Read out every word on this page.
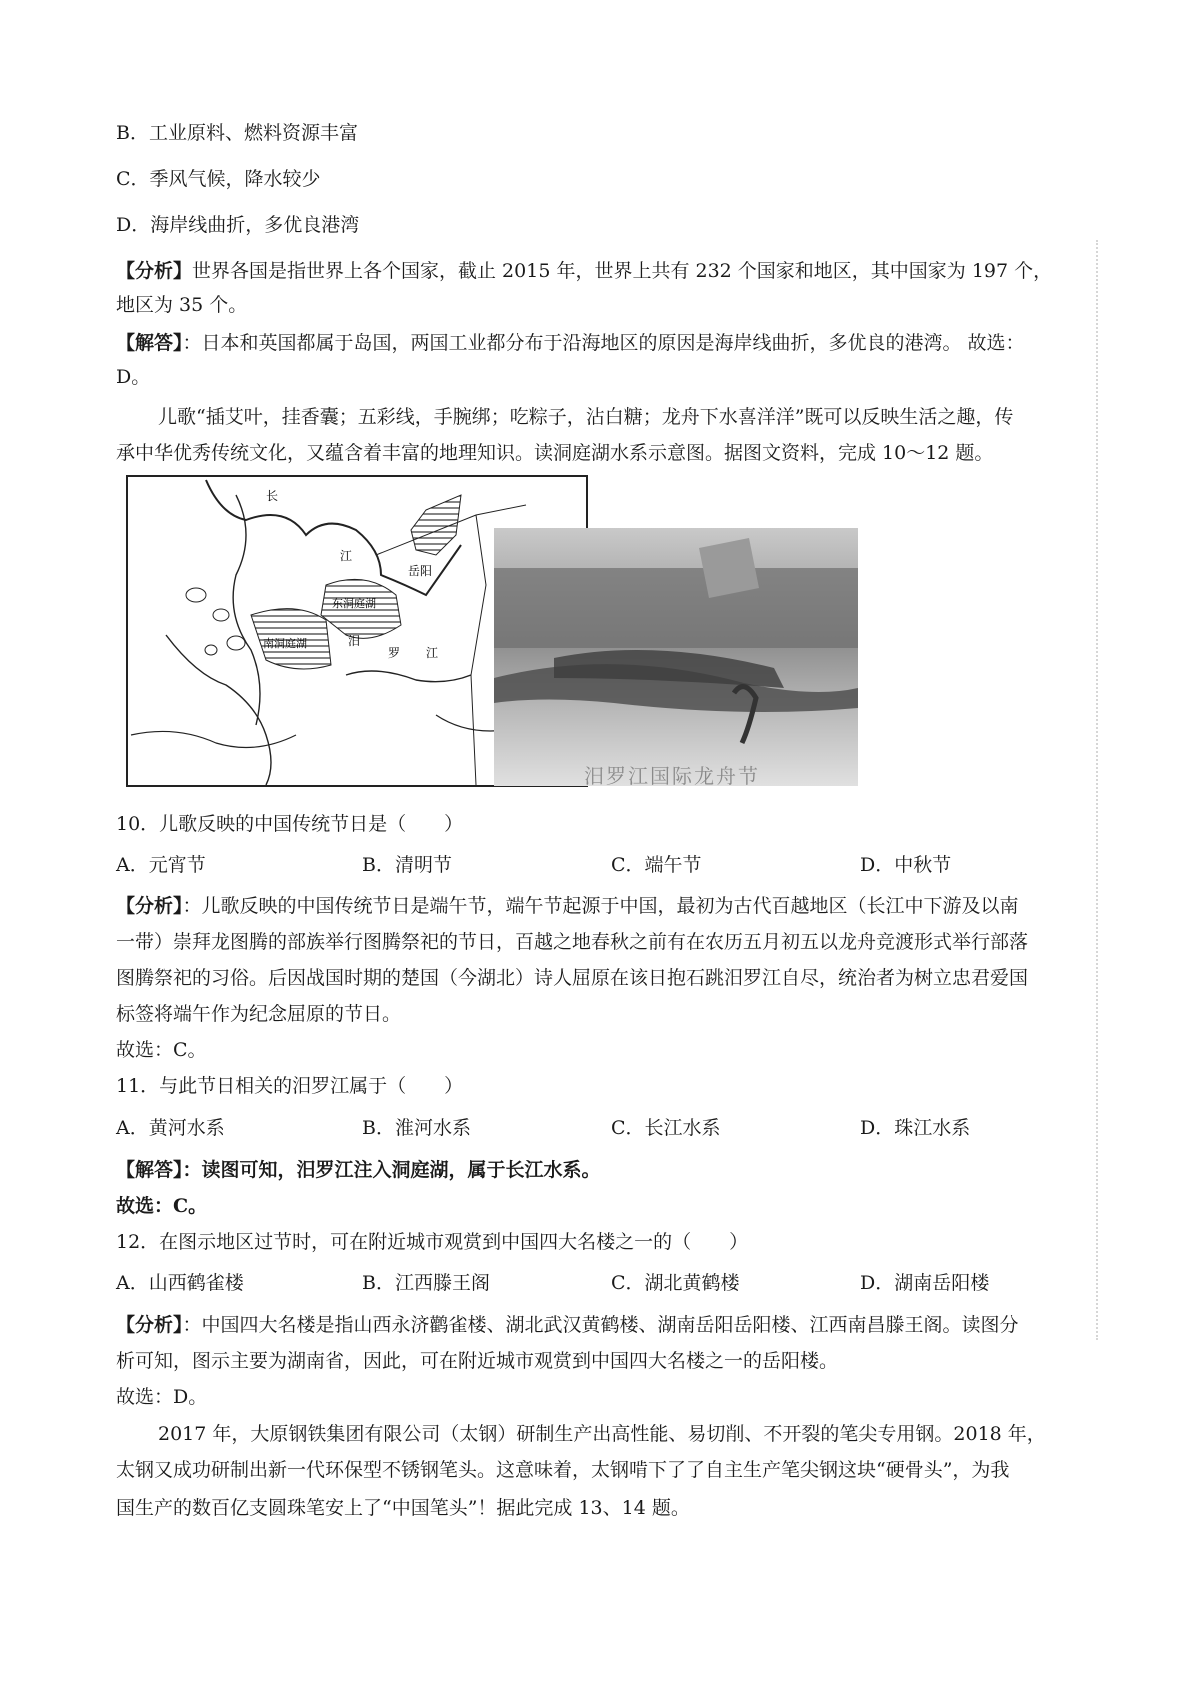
B．工业原料、燃料资源丰富
C．季风气候，降水较少
D．海岸线曲折，多优良港湾
【分析】世界各国是指世界上各个国家，截止 2015 年，世界上共有 232 个国家和地区，其中国家为 197 个，
地区为 35 个。
【解答】：日本和英国都属于岛国，两国工业都分布于沿海地区的原因是海岸线曲折，多优良的港湾。 故选：
D。
儿歌“插艾叶，挂香囊；五彩线，手腕绑；吃粽子，沾白糖；龙舟下水喜洋洋”既可以反映生活之趣，传
承中华优秀传统文化，又蕴含着丰富的地理知识。读洞庭湖水系示意图。据图文资料，完成 10～12 题。
长
江
岳阳
东洞庭湖
南洞庭湖	汨
罗 江
汨罗江国际龙舟节
10．儿歌反映的中国传统节日是（　　）
A．元宵节	B．清明节	C．端午节	D．中秋节
【分析】：儿歌反映的中国传统节日是端午节，端午节起源于中国，最初为古代百越地区（长江中下游及以南
一带）崇拜龙图腾的部族举行图腾祭祀的节日，百越之地春秋之前有在农历五月初五以龙舟竞渡形式举行部落
图腾祭祀的习俗。后因战国时期的楚国（今湖北）诗人屈原在该日抱石跳汨罗江自尽，统治者为树立忠君爱国
标签将端午作为纪念屈原的节日。
故选：C。
11．与此节日相关的汨罗江属于（　　）
A．黄河水系	B．淮河水系	C．长江水系	D．珠江水系
【解答】：读图可知，汨罗江注入洞庭湖，属于长江水系。
故选：C。
12．在图示地区过节时，可在附近城市观赏到中国四大名楼之一的（　　）
A．山西鹤雀楼	B．江西滕王阁	C．湖北黄鹤楼	D．湖南岳阳楼
【分析】：中国四大名楼是指山西永济鹳雀楼、湖北武汉黄鹤楼、湖南岳阳岳阳楼、江西南昌滕王阁。读图分
析可知，图示主要为湖南省，因此，可在附近城市观赏到中国四大名楼之一的岳阳楼。
故选：D。
2017 年，大原钢铁集团有限公司（太钢）研制生产出高性能、易切削、不开裂的笔尖专用钢。2018 年，
太钢又成功研制出新一代环保型不锈钢笔头。这意味着，太钢啃下了了自主生产笔尖钢这块“硬骨头”，为我
国生产的数百亿支圆珠笔安上了“中国笔头”！据此完成 13、14 题。
